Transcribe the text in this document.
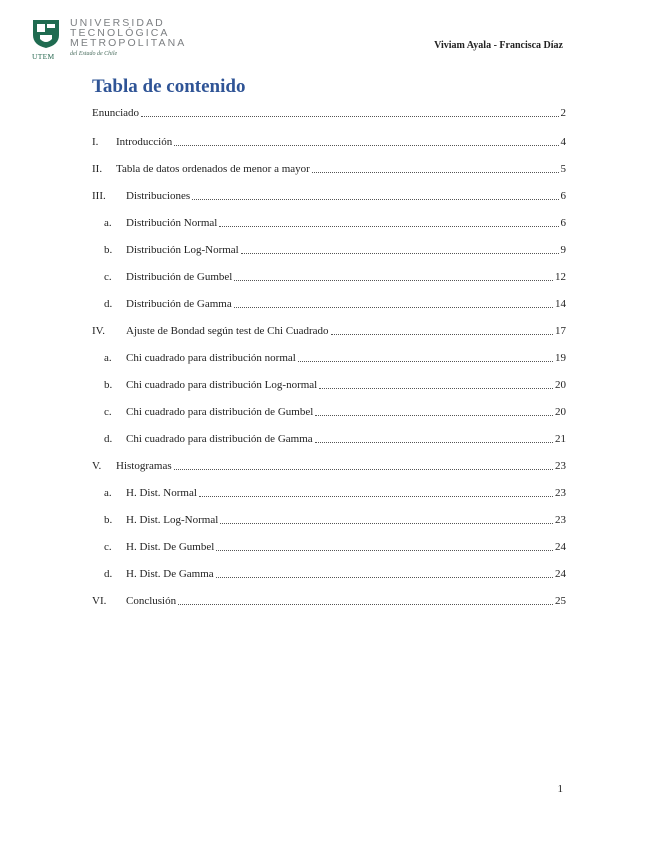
UTEM
UNIVERSIDAD
TECNOLÓGICA
METROPOLITANA
del Estado de Chile
Viviam Ayala - Francisca Díaz
Tabla de contenido
Enunciado	2
I.	Introducción	4
II.	Tabla de datos ordenados de menor a mayor	5
III.	Distribuciones	6
a.	Distribución Normal	6
b.	Distribución Log-Normal	9
c.	Distribución de Gumbel	12
d.	Distribución de Gamma	14
IV.	Ajuste de Bondad según test de Chi Cuadrado	17
a.	Chi cuadrado para distribución normal	19
b.	Chi cuadrado para distribución Log-normal	20
c.	Chi cuadrado para distribución de Gumbel	20
d.	Chi cuadrado para distribución de Gamma	21
V.	Histogramas	23
a.	H. Dist. Normal	23
b.	H. Dist. Log-Normal	23
c.	H. Dist. De Gumbel	24
d.	H. Dist. De Gamma	24
VI.	Conclusión	25
1
